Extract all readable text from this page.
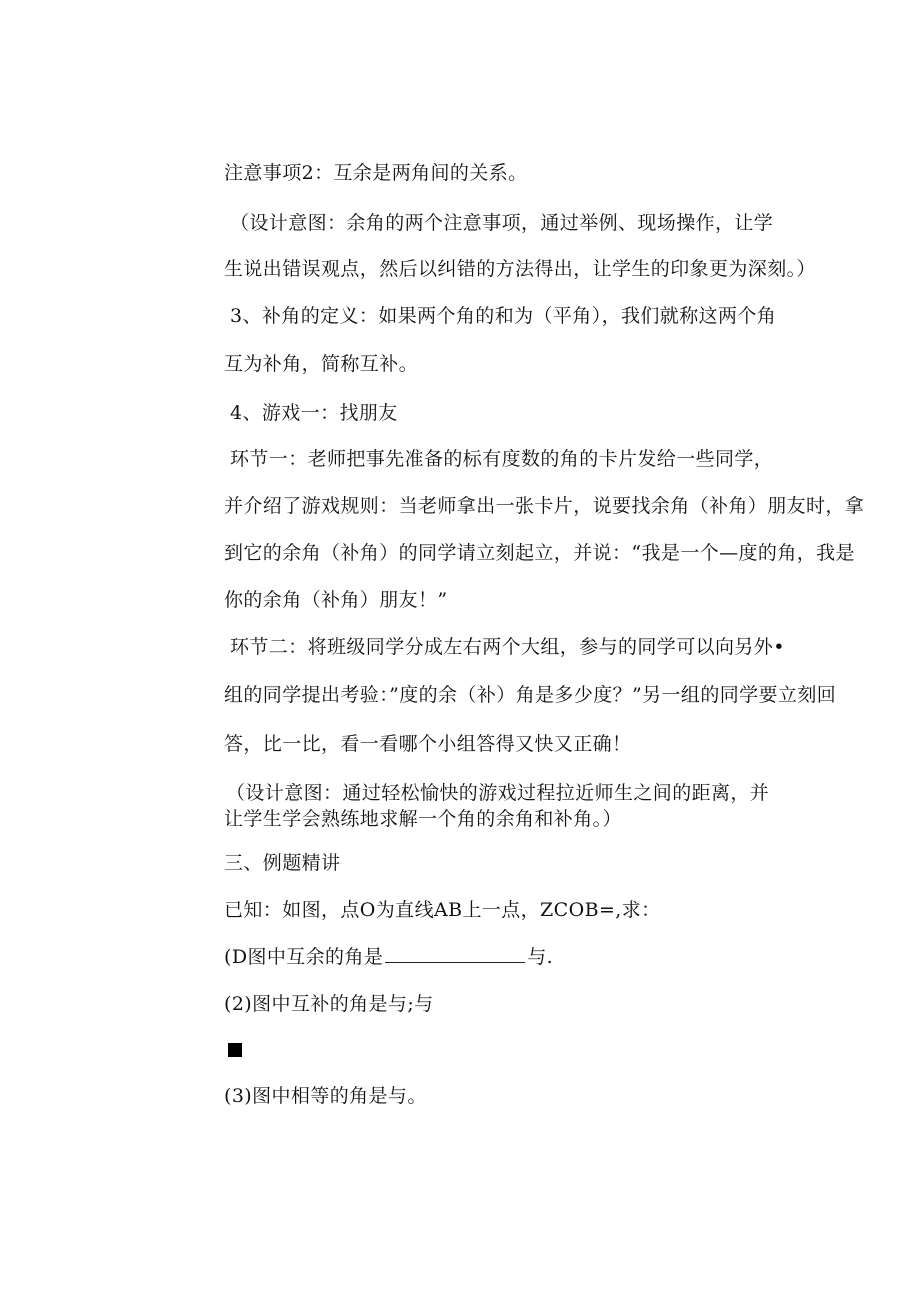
注意事项2：互余是两角间的关系。
（设计意图：余角的两个注意事项，通过举例、现场操作，让学
生说出错误观点，然后以纠错的方法得出，让学生的印象更为深刻。）
3、补角的定义：如果两个角的和为（平角），我们就称这两个角
互为补角，简称互补。
4、游戏一：找朋友
环节一：老师把事先准备的标有度数的角的卡片发给一些同学，
并介绍了游戏规则：当老师拿出一张卡片，说要找余角（补角）朋友时，拿
到它的余角（补角）的同学请立刻起立，并说：“我是一个—度的角，我是
你的余角（补角）朋友！”
环节二：将班级同学分成左右两个大组，参与的同学可以向另外•
组的同学提出考验：”度的余（补）角是多少度？”另一组的同学要立刻回
答，比一比，看一看哪个小组答得又快又正确！
（设计意图：通过轻松愉快的游戏过程拉近师生之间的距离，并
让学生学会熟练地求解一个角的余角和补角。）
三、例题精讲
已知：如图，点O为直线AB上一点，ZCOB=,求：
(D图中互余的角是	与.
(2)图中互补的角是与;与
(3)图中相等的角是与。
